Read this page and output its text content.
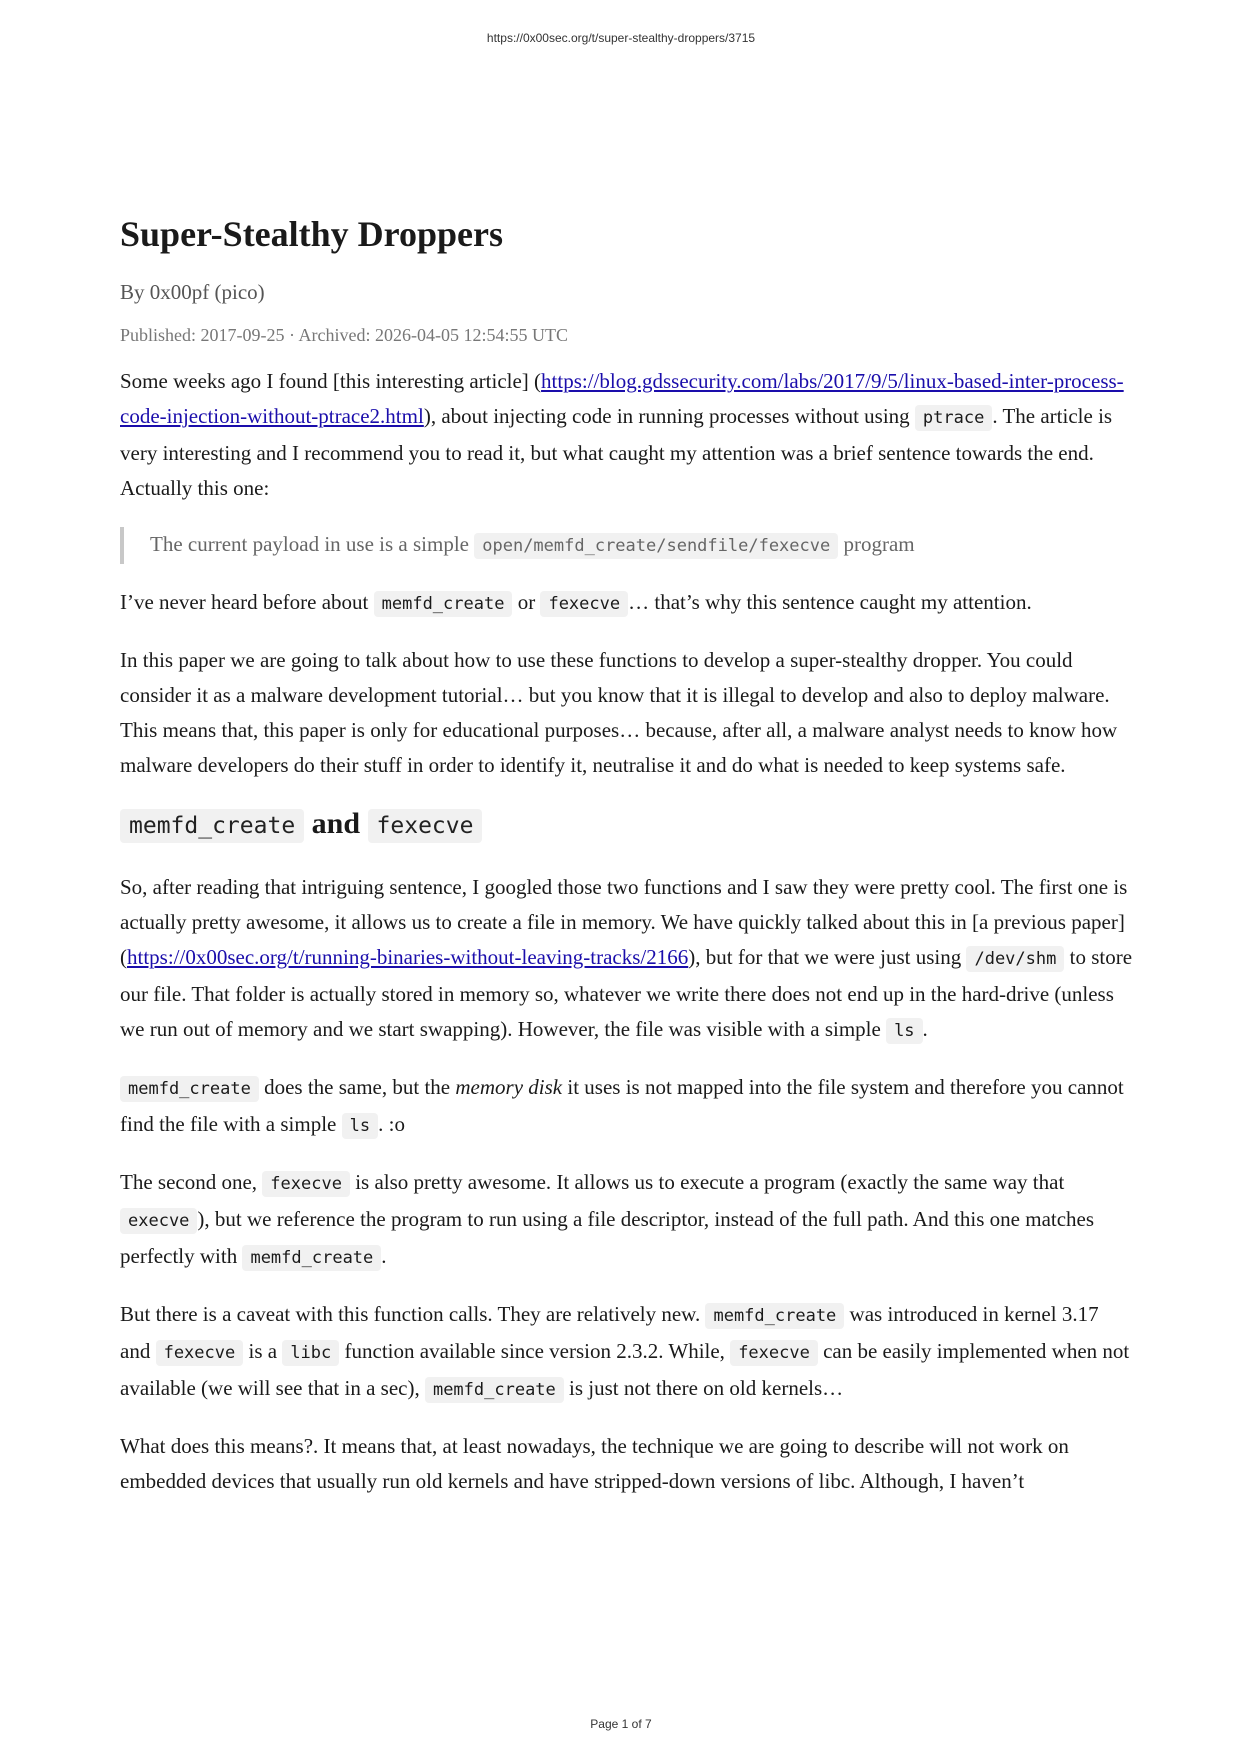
https://0x00sec.org/t/super-stealthy-droppers/3715
Super-Stealthy Droppers
By 0x00pf (pico)
Published: 2017-09-25 · Archived: 2026-04-05 12:54:55 UTC

Some weeks ago I found [this interesting article] (https://blog.gdssecurity.com/labs/2017/9/5/linux-based-inter-process-code-injection-without-ptrace2.html), about injecting code in running processes without using ptrace . The article is very interesting and I recommend you to read it, but what caught my attention was a brief sentence towards the end. Actually this one:

The current payload in use is a simple open/memfd_create/sendfile/fexecve program

I’ve never heard before about memfd_create or fexecve … that’s why this sentence caught my attention.

In this paper we are going to talk about how to use these functions to develop a super-stealthy dropper. You could consider it as a malware development tutorial… but you know that it is illegal to develop and also to deploy malware. This means that, this paper is only for educational purposes… because, after all, a malware analyst needs to know how malware developers do their stuff in order to identify it, neutralise it and do what is needed to keep systems safe.

memfd_create and fexecve

So, after reading that intriguing sentence, I googled those two functions and I saw they were pretty cool. The first one is actually pretty awesome, it allows us to create a file in memory. We have quickly talked about this in [a previous paper] (https://0x00sec.org/t/running-binaries-without-leaving-tracks/2166), but for that we were just using /dev/shm to store our file. That folder is actually stored in memory so, whatever we write there does not end up in the hard-drive (unless we run out of memory and we start swapping). However, the file was visible with a simple ls .

memfd_create does the same, but the memory disk it uses is not mapped into the file system and therefore you cannot find the file with a simple ls . :o

The second one, fexecve is also pretty awesome. It allows us to execute a program (exactly the same way that execve ), but we reference the program to run using a file descriptor, instead of the full path. And this one matches perfectly with memfd_create .

But there is a caveat with this function calls. They are relatively new. memfd_create was introduced in kernel 3.17 and fexecve is a libc function available since version 2.3.2. While, fexecve can be easily implemented when not available (we will see that in a sec), memfd_create is just not there on old kernels…

What does this means?. It means that, at least nowadays, the technique we are going to describe will not work on embedded devices that usually run old kernels and have stripped-down versions of libc. Although, I haven’t

Page 1 of 7
